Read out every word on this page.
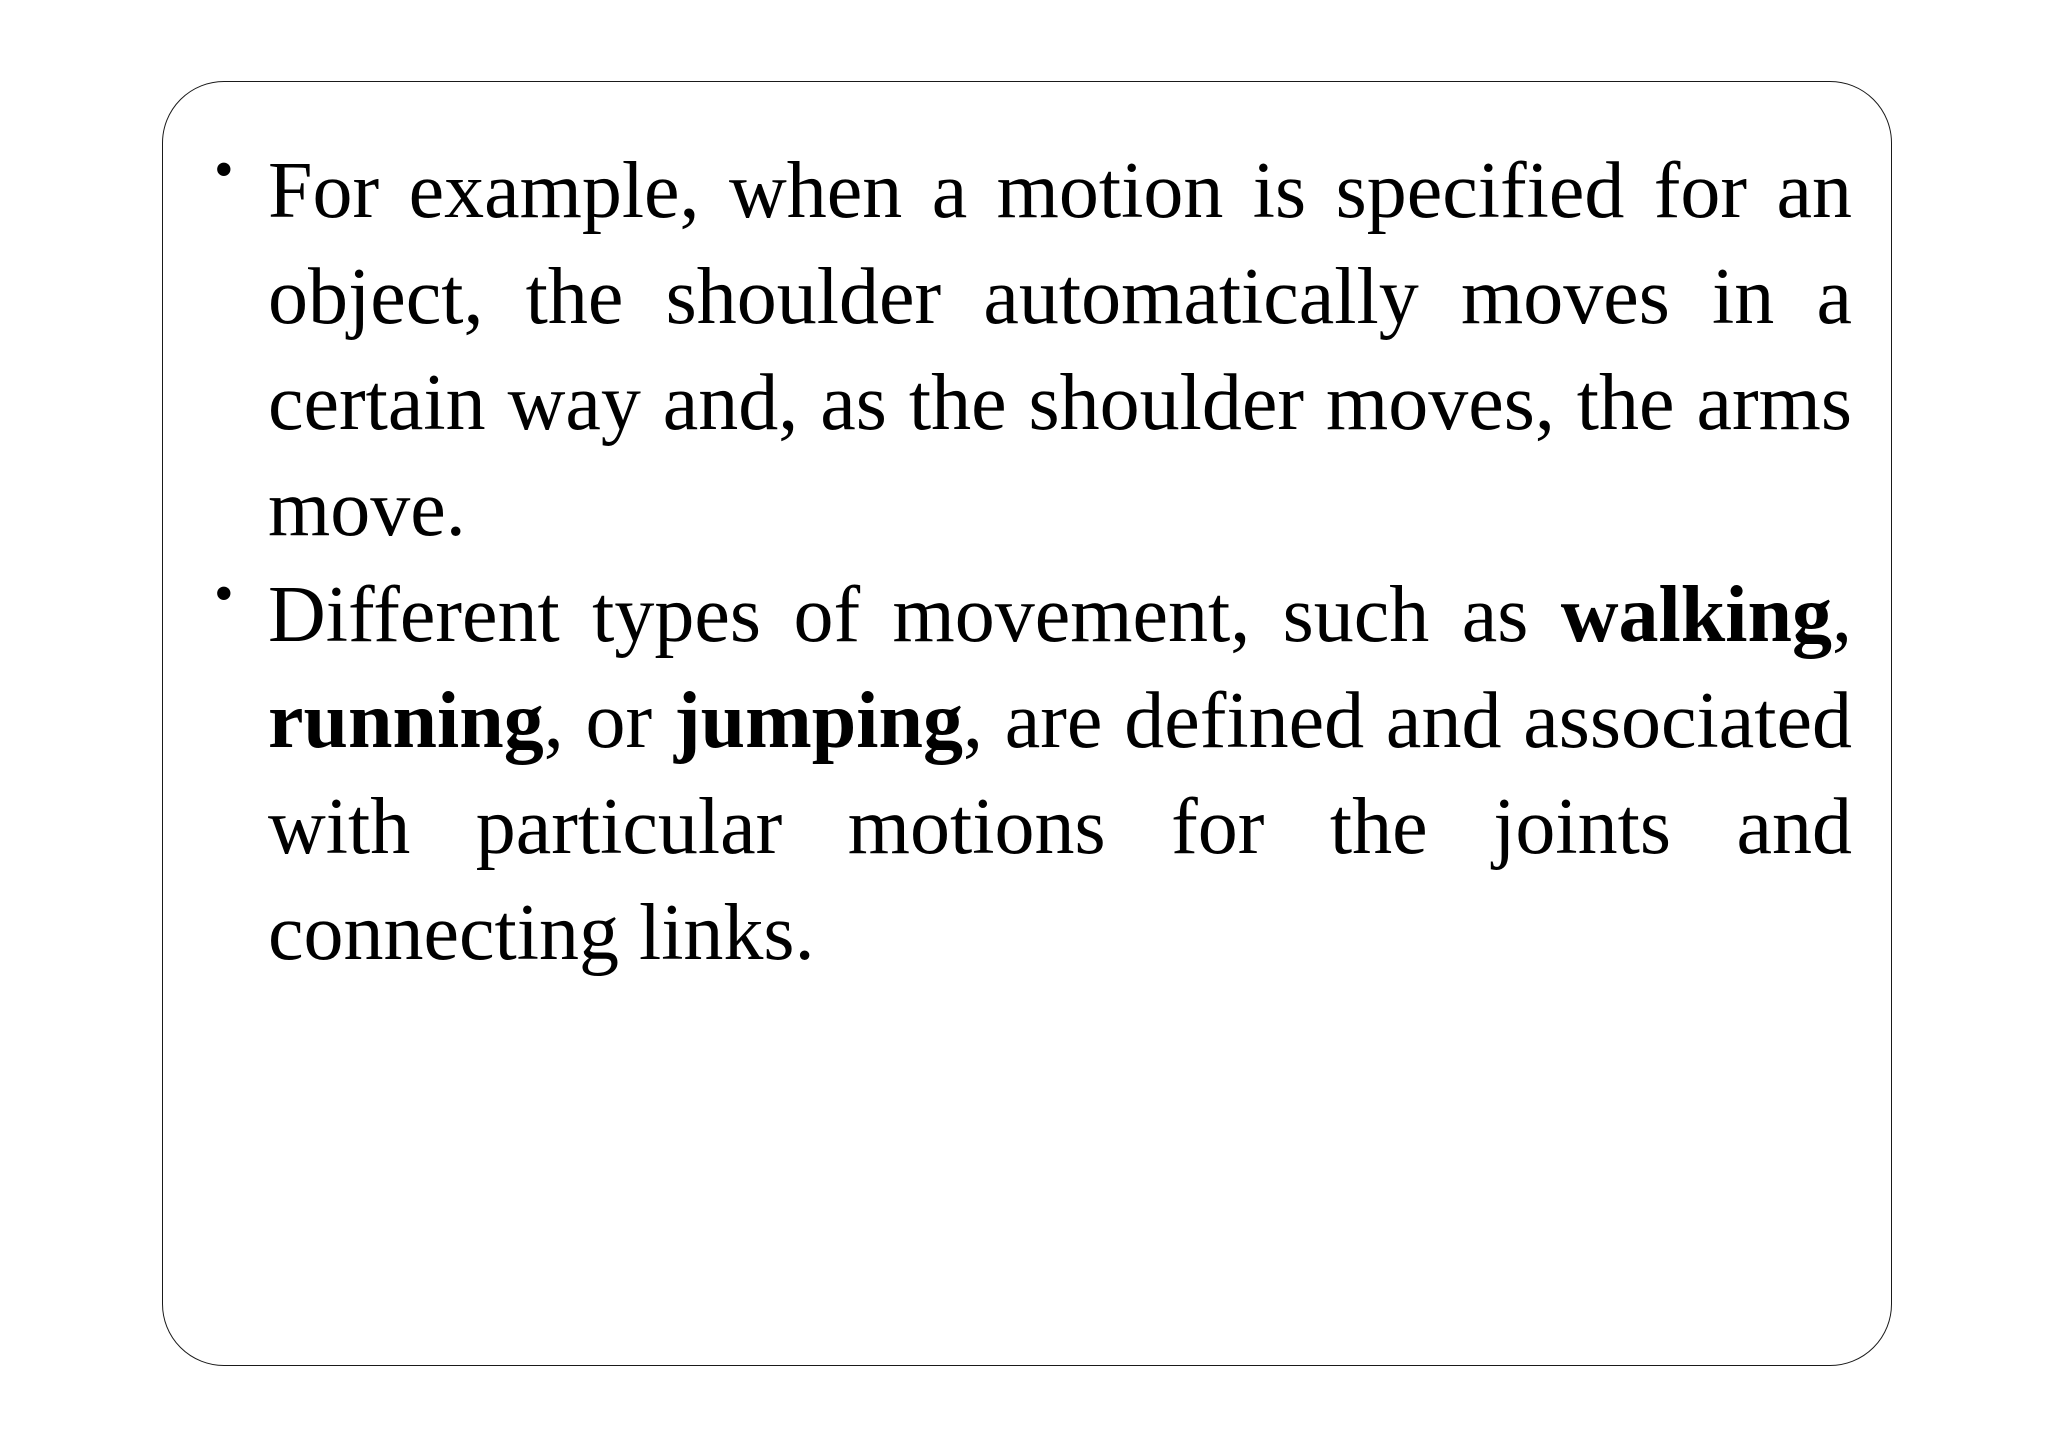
• For example, when a motion is specified for an object, the shoulder automatically moves in a certain way and, as the shoulder moves, the arms move.
• Different types of movement, such as walking, running, or jumping, are defined and associated with particular motions for the joints and connecting links.
